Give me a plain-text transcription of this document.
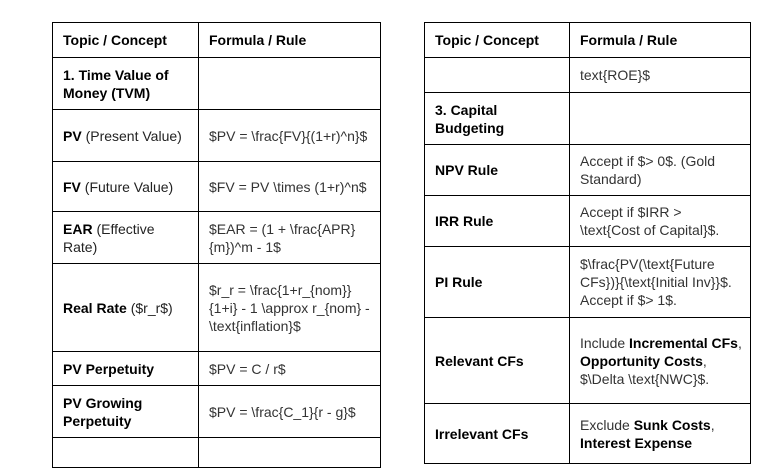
Topic / Concept	Formula / Rule
1. Time Value of Money (TVM)	
PV (Present Value)	$PV = \frac{FV}{(1+r)^n}$
FV (Future Value)	$FV = PV \times (1+r)^n$
EAR (Effective Rate)	$EAR = (1 + \frac{APR}{m})^m - 1$
Real Rate ($r_r$)	$r_r = \frac{1+r_{nom}}{1+i} - 1 \approx r_{nom} - \text{inflation}$
PV Perpetuity	$PV = C / r$
PV Growing Perpetuity	$PV = \frac{C_1}{r - g}$

Topic / Concept	Formula / Rule
	text{ROE}$
3. Capital Budgeting	
NPV Rule	Accept if $> 0$. (Gold Standard)
IRR Rule	Accept if $IRR > \text{Cost of Capital}$.
PI Rule	$\frac{PV(\text{Future CFs})}{\text{Initial Inv}}$. Accept if $> 1$.
Relevant CFs	Include Incremental CFs, Opportunity Costs, $\Delta \text{NWC}$.
Irrelevant CFs	Exclude Sunk Costs, Interest Expense
